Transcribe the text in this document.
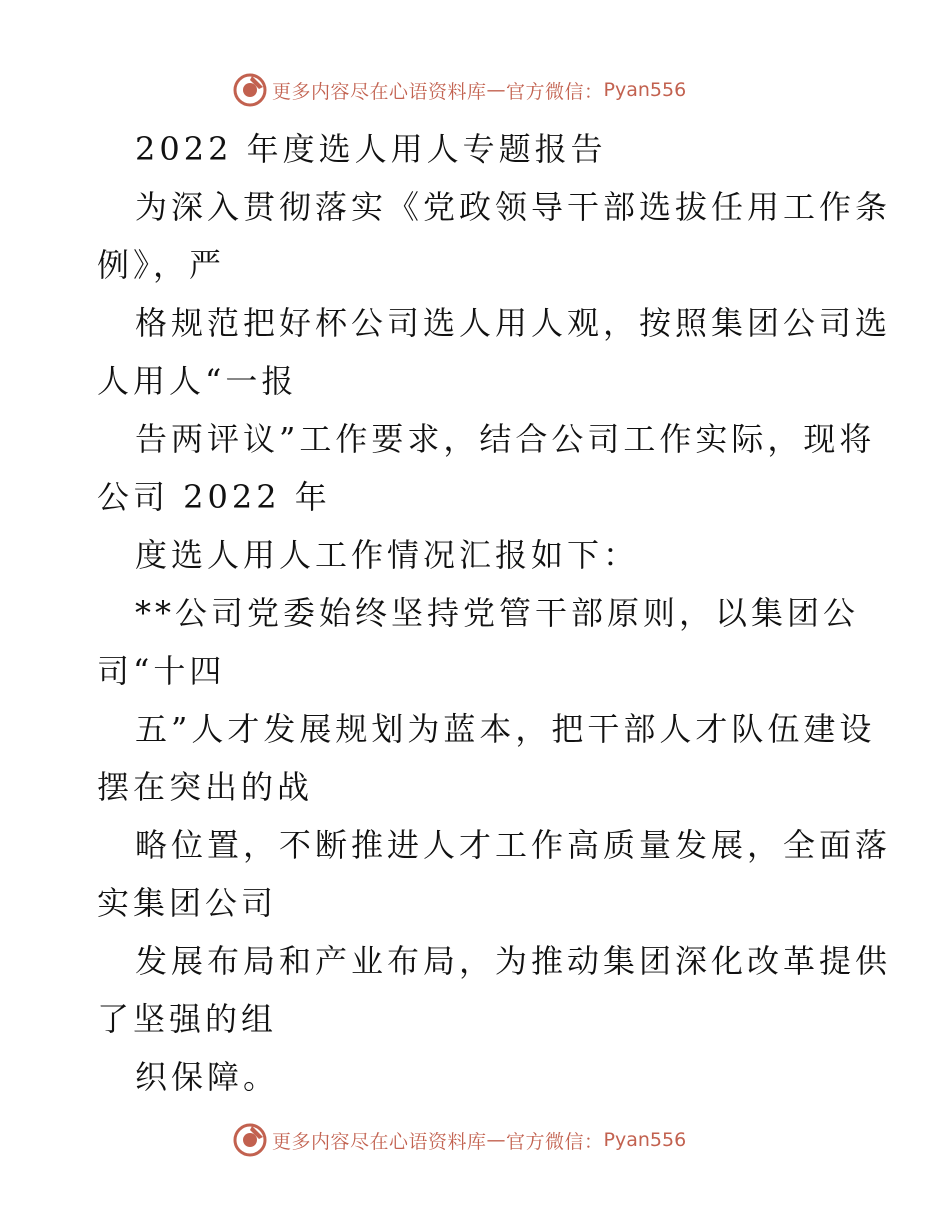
更多内容尽在心语资料库 — 官方微信： Pyan556
2022 年度选人用人专题报告
为深入贯彻落实《党政领导干部选拔任用工作条
例》，严
格规范把好杯公司选人用人观，按照集团公司选
人用人“一报
告两评议”工作要求，结合公司工作实际，现将
公司 2022 年
度选人用人工作情况汇报如下：
**公司党委始终坚持党管干部原则，以集团公
司“十四
五”人才发展规划为蓝本，把干部人才队伍建设
摆在突出的战
略位置，不断推进人才工作高质量发展，全面落
实集团公司
发展布局和产业布局，为推动集团深化改革提供
了坚强的组
织保障。
更多内容尽在心语资料库 — 官方微信： Pyan556
